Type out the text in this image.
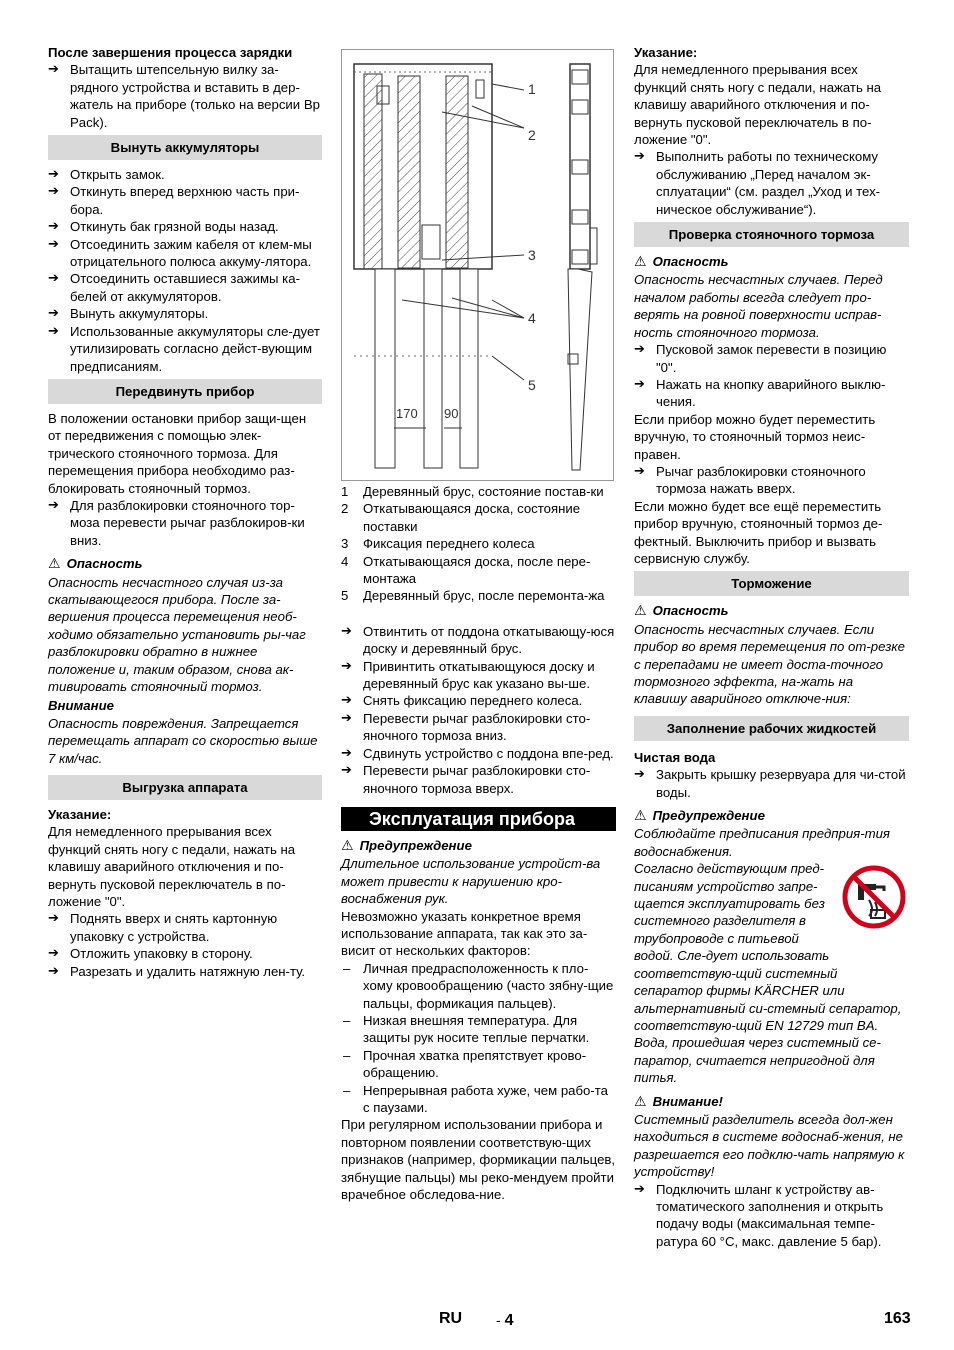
После завершения процесса зарядки

➔ Вытащить штепсельную вилку за-рядного устройства и вставить в дер-жатель на приборе (только на версии Bp Pack).

Вынуть аккумуляторы

➔ Открыть замок.

➔ Откинуть вперед верхнюю часть при-бора.

➔ Откинуть бак грязной воды назад.

➔ Отсоединить зажим кабеля от клем-мы отрицательного полюса аккуму-лятора.

➔ Отсоединить оставшиеся зажимы ка-белей от аккумуляторов.

➔ Вынуть аккумуляторы.

➔ Использованные аккумуляторы сле-дует утилизировать согласно дейст-вующим предписаниям.

Передвинуть прибор

В положении остановки прибор защи-щен от передвижения с помощью элек-трического стояночного тормоза. Для перемещения прибора необходимо раз-блокировать стояночный тормоз.

➔ Для разблокировки стояночного тор-моза перевести рычаг разблокиров-ки вниз.

⚠ Опасность

Опасность несчастного случая из-за скатывающегося прибора. После за-вершения процесса перемещения необ-ходимо обязательно установить ры-чаг разблокировки обратно в нижнее положение и, таким образом, снова ак-тивировать стояночный тормоз.

Внимание

Опасность повреждения. Запрещается перемещать аппарат со скоростью выше 7 км/час.

Выгрузка аппарата

Указание:

Для немедленного прерывания всех функций снять ногу с педали, нажать на клавишу аварийного отключения и по-вернуть пусковой переключатель в по-ложение "0".

➔ Поднять вверх и снять картонную упаковку с устройства.

➔ Отложить упаковку в сторону.

➔ Разрезать и удалить натяжную лен-ту.

1
2
3
4
5
170 90
1	Деревянный брус, состояние постав-ки
2	Откатывающаяся доска, состояние поставки
3	Фиксация переднего колеса
4	Откатывающаяся доска, после пере-монтажа
5	Деревянный брус, после перемонта-жа

➔ Отвинтить от поддона откатывающу-юся доску и деревянный брус.

➔ Привинтить откатывающуюся доску и деревянный брус как указано вы-ше.

➔ Снять фиксацию переднего колеса.

➔ Перевести рычаг разблокировки сто-яночного тормоза вниз.

➔ Сдвинуть устройство с поддона впе-ред.

➔ Перевести рычаг разблокировки сто-яночного тормоза вверх.

Эксплуатация прибора

⚠ Предупреждение

Длительное использование устройст-ва может привести к нарушению кро-воснабжения рук.

Невозможно указать конкретное время использование аппарата, так как это за-висит от нескольких факторов:

– Личная предрасположенность к пло-хому кровообращению (часто зябну-щие пальцы, формикация пальцев).

– Низкая внешняя температура. Для защиты рук носите теплые перчатки.

– Прочная хватка препятствует крово-обращению.

– Непрерывная работа хуже, чем рабо-та с паузами.

При регулярном использовании прибора и повторном появлении соответствую-щих признаков (например, формикации пальцев, зябнущие пальцы) мы реко-мендуем пройти врачебное обследова-ние.

Указание:

Для немедленного прерывания всех функций снять ногу с педали, нажать на клавишу аварийного отключения и по-вернуть пусковой переключатель в по-ложение "0".

➔ Выполнить работы по техническому обслуживанию „Перед началом эк-сплуатации“ (см. раздел „Уход и тех-ническое обслуживание“).

Проверка стояночного тормоза

⚠ Опасность

Опасность несчастных случаев. Перед началом работы всегда следует про-верять на ровной поверхности исправ-ность стояночного тормоза.

➔ Пусковой замок перевести в позицию "0".

➔ Нажать на кнопку аварийного выклю-чения.

Если прибор можно будет переместить вручную, то стояночный тормоз неис-правен.

➔ Рычаг разблокировки стояночного тормоза нажать вверх.

Если можно будет все ещё переместить прибор вручную, стояночный тормоз де-фектный. Выключить прибор и вызвать сервисную службу.

Торможение

⚠ Опасность

Опасность несчастных случаев. Если прибор во время перемещения по от-резке с перепадами не имеет доста-точного тормозного эффекта, на-жать на клавишу аварийного отключе-ния:

Заполнение рабочих жидкостей

Чистая вода

➔ Закрыть крышку резервуара для чи-стой воды.

⚠ Предупреждение

Соблюдайте предписания предприя-тия водоснабжения.

Согласно действующим пред-писаниям устройство запре-щается эксплуатировать без системного разделителя в трубопроводе с питьевой водой. Сле-дует использовать соответствую-щий системный сепаратор фирмы KÄRCHER или альтернативный си-стемный сепаратор, соответствую-щий EN 12729 тип BA.

Вода, прошедшая через системный се-паратор, считается непригодной для питья.

⚠ Внимание!

Системный разделитель всегда дол-жен находиться в системе водоснаб-жения, не разрешается его подклю-чать напрямую к устройству!

➔ Подключить шланг к устройству ав-томатического заполнения и открыть подачу воды (максимальная темпе-ратура 60 °C, макс. давление 5 бар).

RU - 4	163
